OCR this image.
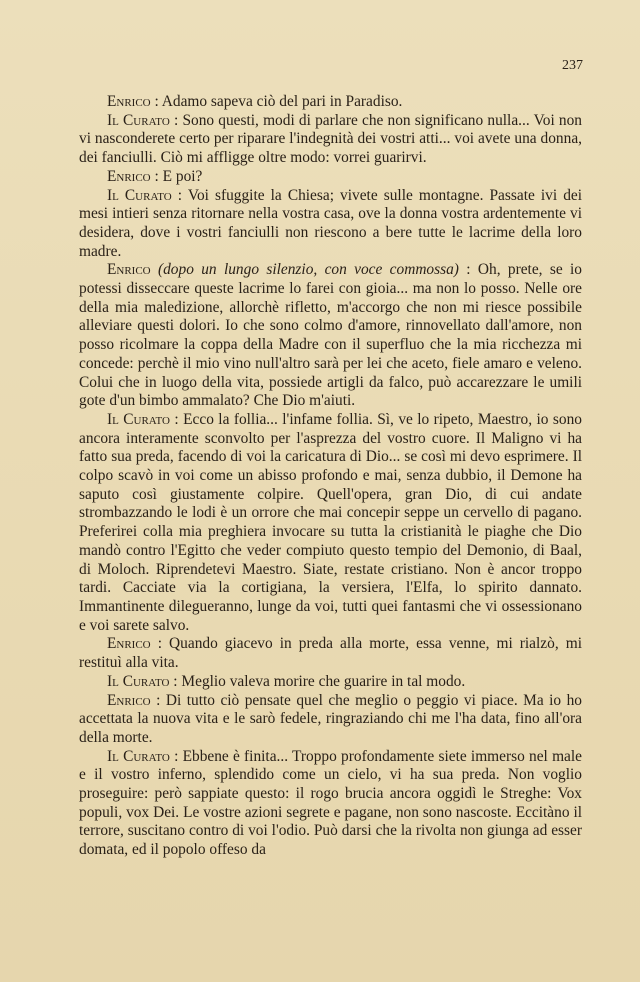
237

Enrico : Adamo sapeva ciò del pari in Paradiso.

Il Curato : Sono questi, modi di parlare che non significano nulla... Voi non vi nasconderete certo per riparare l'indegnità dei vostri atti... voi avete una donna, dei fanciulli. Ciò mi affligge oltre modo: vorrei guarirvi.

Enrico : E poi?

Il Curato : Voi sfuggite la Chiesa; vivete sulle montagne. Passate ivi dei mesi intieri senza ritornare nella vostra casa, ove la donna vostra ardentemente vi desidera, dove i vostri fanciulli non riescono a bere tutte le lacrime della loro madre.

Enrico (dopo un lungo silenzio, con voce commossa) : Oh, prete, se io potessi disseccare queste lacrime lo farei con gioia... ma non lo posso. Nelle ore della mia maledizione, allorchè rifletto, m'accorgo che non mi riesce possibile alleviare questi dolori. Io che sono colmo d'amore, rinnovellato dall'amore, non posso ricolmare la coppa della Madre con il superfluo che la mia ricchezza mi concede: perchè il mio vino null'altro sarà per lei che aceto, fiele amaro e veleno. Colui che in luogo della vita, possiede artigli da falco, può accarezzare le umili gote d'un bimbo ammalato? Che Dio m'aiuti.

Il Curato : Ecco la follia... l'infame follia. Sì, ve lo ripeto, Maestro, io sono ancora interamente sconvolto per l'asprezza del vostro cuore. Il Maligno vi ha fatto sua preda, facendo di voi la caricatura di Dio... se così mi devo esprimere. Il colpo scavò in voi come un abisso profondo e mai, senza dubbio, il Demone ha saputo così giustamente colpire. Quell'opera, gran Dio, di cui andate strombazzando le lodi è un orrore che mai concepir seppe un cervello di pagano. Preferirei colla mia preghiera invocare su tutta la cristianità le piaghe che Dio mandò contro l'Egitto che veder compiuto questo tempio del Demonio, di Baal, di Moloch. Riprendetevi Maestro. Siate, restate cristiano. Non è ancor troppo tardi. Cacciate via la cortigiana, la versiera, l'Elfa, lo spirito dannato. Immantinente dilegueranno, lunge da voi, tutti quei fantasmi che vi ossessionano e voi sarete salvo.

Enrico : Quando giacevo in preda alla morte, essa venne, mi rialzò, mi restituì alla vita.

Il Curato : Meglio valeva morire che guarire in tal modo.

Enrico : Di tutto ciò pensate quel che meglio o peggio vi piace. Ma io ho accettata la nuova vita e le sarò fedele, ringraziando chi me l'ha data, fino all'ora della morte.

Il Curato : Ebbene è finita... Troppo profondamente siete immerso nel male e il vostro inferno, splendido come un cielo, vi ha sua preda. Non voglio proseguire: però sappiate questo: il rogo brucia ancora oggidì le Streghe: Vox populi, vox Dei. Le vostre azioni segrete e pagane, non sono nascoste. Eccitàno il terrore, suscitano contro di voi l'odio. Può darsi che la rivolta non giunga ad esser domata, ed il popolo offeso da
